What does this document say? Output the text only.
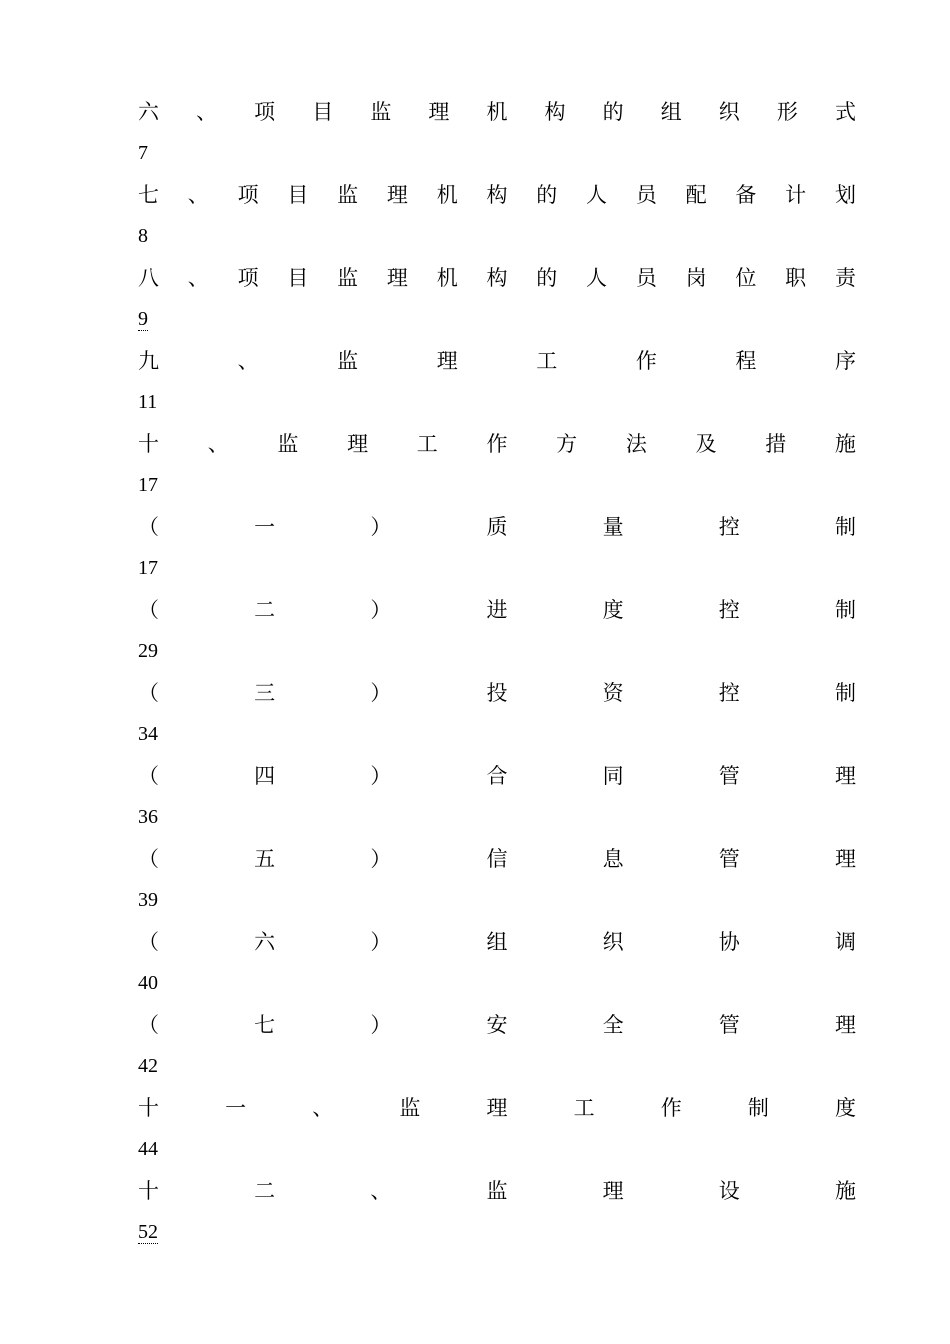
六 、 项 目 监 理 机 构 的 组 织 形 式
7
七 、 项 目 监 理 机 构 的 人 员 配 备 计 划
8
八 、 项 目 监 理 机 构 的 人 员 岗 位 职 责
9
九	、	监	理	工	作	程	序
11
十 、 监 理 工 作 方 法 及 措 施
17
（	一	）	质	量	控	制
17
（	二	）	进	度	控	制
29
（	三	）	投	资	控	制
34
（	四	）	合	同	管	理
36
（	五	）	信	息	管	理
39
（	六	）	组	织	协	调
40
（	七	）	安	全	管	理
42
十	一	、	监	理	工	作	制	度
44
十	二	、	监	理	设	施
52
